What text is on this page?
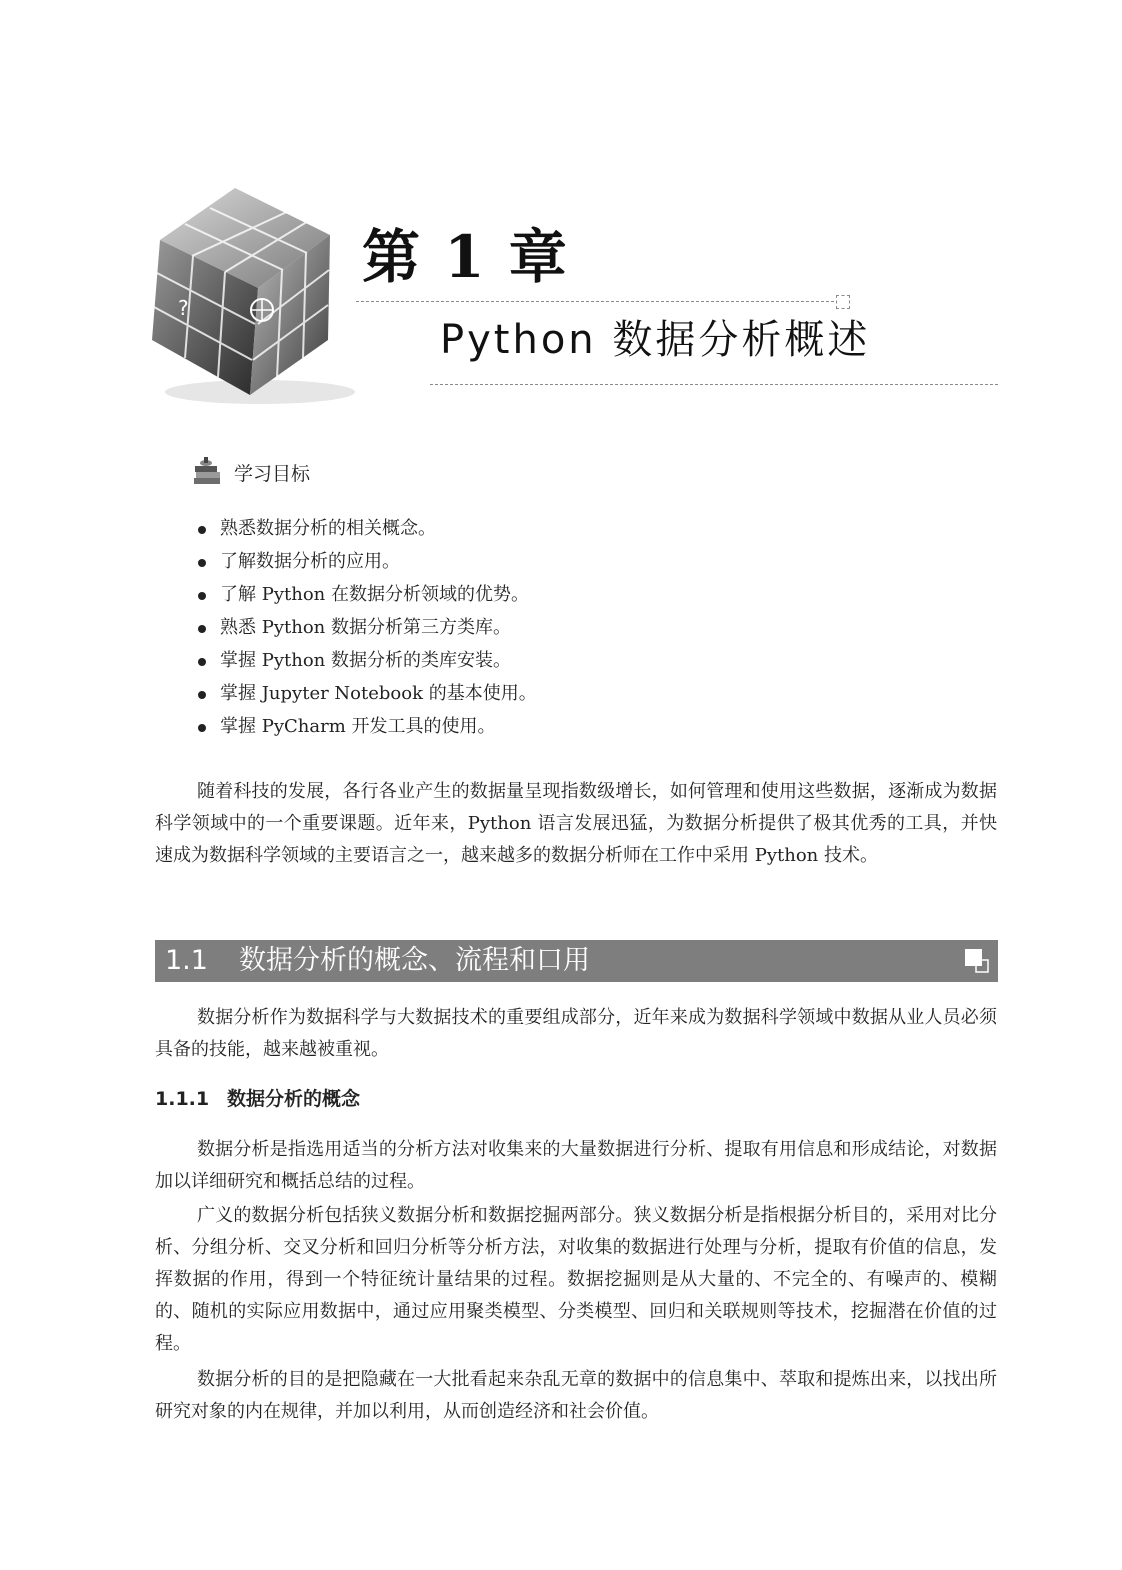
?
第 1 章
Python 数据分析概述
学习目标
熟悉数据分析的相关概念。
了解数据分析的应用。
了解 Python 在数据分析领域的优势。
熟悉 Python 数据分析第三方类库。
掌握 Python 数据分析的类库安装。
掌握 Jupyter Notebook 的基本使用。
掌握 PyCharm 开发工具的使用。

随着科技的发展，各行各业产生的数据量呈现指数级增长，如何管理和使用这些数据，逐渐成为数据科学领域中的一个重要课题。近年来，Python 语言发展迅猛，为数据分析提供了极其优秀的工具，并快速成为数据科学领域的主要语言之一，越来越多的数据分析师在工作中采用 Python 技术。

1.1 数据分析的概念、流程和口用

数据分析作为数据科学与大数据技术的重要组成部分，近年来成为数据科学领域中数据从业人员必须具备的技能，越来越被重视。

1.1.1 数据分析的概念

数据分析是指选用适当的分析方法对收集来的大量数据进行分析、提取有用信息和形成结论，对数据加以详细研究和概括总结的过程。

广义的数据分析包括狭义数据分析和数据挖掘两部分。狭义数据分析是指根据分析目的，采用对比分析、分组分析、交叉分析和回归分析等分析方法，对收集的数据进行处理与分析，提取有价值的信息，发挥数据的作用，得到一个特征统计量结果的过程。数据挖掘则是从大量的、不完全的、有噪声的、模糊的、随机的实际应用数据中，通过应用聚类模型、分类模型、回归和关联规则等技术，挖掘潜在价值的过程。

数据分析的目的是把隐藏在一大批看起来杂乱无章的数据中的信息集中、萃取和提炼出来，以找出所研究对象的内在规律，并加以利用，从而创造经济和社会价值。
